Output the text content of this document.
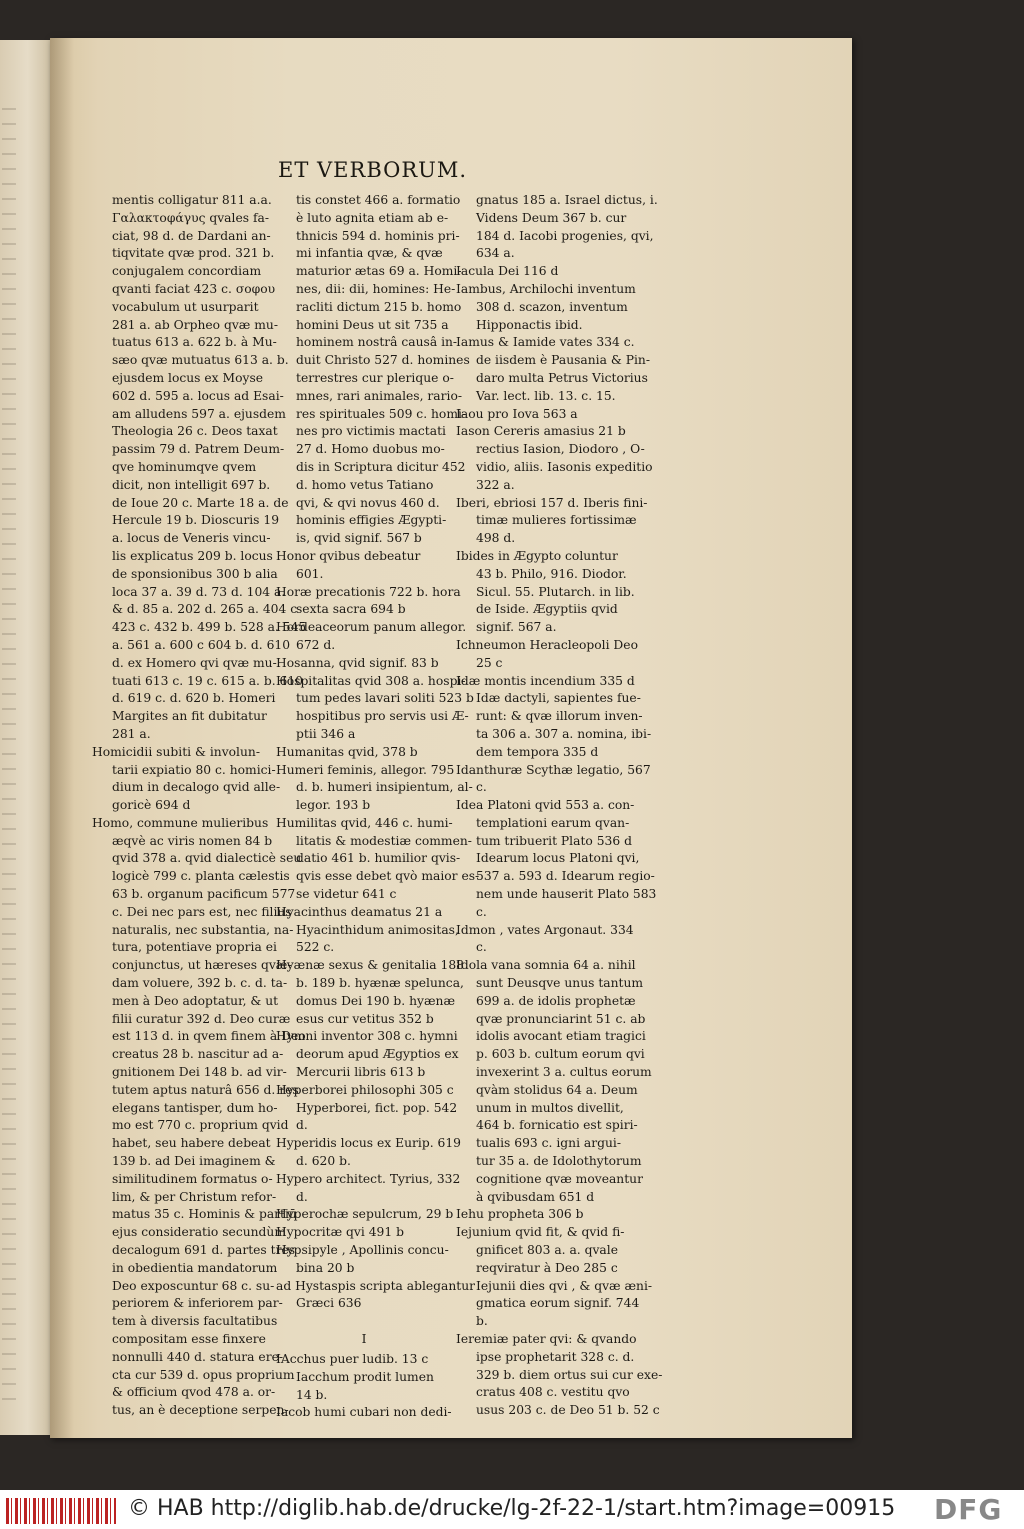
ET VERBORUM.
mentis colligatur 811 a.a.
Γαλακτοφάγυς qvales fa-
ciat, 98 d. de Dardani an-
tiqvitate qvæ prod. 321 b.
conjugalem concordiam
qvanti faciat 423 c. σοφου
vocabulum ut usurparit
281 a. ab Orpheo qvæ mu-
tuatus 613 a. 622 b. à Mu-
sæo qvæ mutuatus 613 a. b.
ejusdem locus ex Moyse
602 d. 595 a. locus ad Esai-
am alludens 597 a. ejusdem
Theologia 26 c. Deos taxat
passim 79 d. Patrem Deum-
qve hominumqve qvem
dicit, non intelligit 697 b.
de Ioue 20 c. Marte 18 a. de
Hercule 19 b. Dioscuris 19
a. locus de Veneris vincu-
lis explicatus 209 b. locus
de sponsionibus 300 b alia
loca 37 a. 39 d. 73 d. 104 a.
& d. 85 a. 202 d. 265 a. 404 c
423 c. 432 b. 499 b. 528 a. 545
a. 561 a. 600 c 604 b. d. 610
d. ex Homero qvi qvæ mu-
tuati 613 c. 19 c. 615 a. b. 610
d. 619 c. d. 620 b. Homeri
Margites an fit dubitatur
281 a.
Homicidii subiti & involun-
tarii expiatio 80 c. homici-
dium in decalogo qvid alle-
goricè 694 d
Homo, commune mulieribus
æqvè ac viris nomen 84 b
qvid 378 a. qvid dialecticè seu
logicè 799 c. planta cælestis
63 b. organum pacificum 577
c. Dei nec pars est, nec filius
naturalis, nec substantia, na-
tura, potentiave propria ei
conjunctus, ut hæreses qvæ-
dam voluere, 392 b. c. d. ta-
men à Deo adoptatur, & ut
filii curatur 392 d. Deo curæ
est 113 d. in qvem finem à Deo
creatus 28 b. nascitur ad a-
gnitionem Dei 148 b. ad vir-
tutem aptus naturâ 656 d. res
elegans tantisper, dum ho-
mo est 770 c. proprium qvid
habet, seu habere debeat
139 b. ad Dei imaginem &
similitudinem formatus o-
lim, & per Christum refor-
matus 35 c. Hominis & partiū
ejus consideratio secundùm
decalogum 691 d. partes tres
in obedientia mandatorum
Deo exposcuntur 68 c. su-
periorem & inferiorem par-
tem à diversis facultatibus
compositam esse finxere
nonnulli 440 d. statura ere-
cta cur 539 d. opus proprium
& officium qvod 478 a. or-
tus, an è deceptione serpen-
tis constet 466 a. formatio
è luto agnita etiam ab e-
thnicis 594 d. hominis pri-
mi infantia qvæ, & qvæ
maturior ætas 69 a. Homi-
nes, dii: dii, homines: He-
racliti dictum 215 b. homo
homini Deus ut sit 735 a
hominem nostrâ causâ in-
duit Christo 527 d. homines
terrestres cur plerique o-
mnes, rari animales, rario-
res spirituales 509 c. homi-
nes pro victimis mactati
27 d. Homo duobus mo-
dis in Scriptura dicitur 452
d. homo vetus Tatiano
qvi, & qvi novus 460 d.
hominis effigies Ægypti-
is, qvid signif. 567 b
Honor qvibus debeatur
601.
Horæ precationis 722 b. hora
sexta sacra 694 b
Hordeaceorum panum allegor.
672 d.
Hosanna, qvid signif. 83 b
Hospitalitas qvid 308 a. hospi-
tum pedes lavari soliti 523 b
hospitibus pro servis usi Æ-
ptii 346 a
Humanitas qvid, 378 b
Humeri feminis, allegor. 795
d. b. humeri insipientum, al-
legor. 193 b
Humilitas qvid, 446 c. humi-
litatis & modestiæ commen-
datio 461 b. humilior qvis-
qvis esse debet qvò maior es-
se videtur 641 c
Hyacinthus deamatus 21 a
Hyacinthidum animositas,
522 c.
Hyænæ sexus & genitalia 188
b. 189 b. hyænæ spelunca,
domus Dei 190 b. hyænæ
esus cur vetitus 352 b
Hymni inventor 308 c. hymni
deorum apud Ægyptios ex
Mercurii libris 613 b
Hyperborei philosophi 305 c
Hyperborei, fict. pop. 542
d.
Hyperidis locus ex Eurip. 619
d. 620 b.
Hypero architect. Tyrius, 332
d.
Hyperochæ sepulcrum, 29 b
Hypocritæ qvi 491 b
Hypsipyle , Apollinis concu-
bina 20 b
ad Hystaspis scripta ablegantur
Græci 636
I
IAcchus puer ludib. 13 c
Iacchum prodit lumen
14 b.
Iacob humi cubari non dedi-
gnatus 185 a. Israel dictus, i.
Videns Deum 367 b. cur
184 d. Iacobi progenies, qvi,
634 a.
Iacula Dei 116 d
Iambus, Archilochi inventum
308 d. scazon, inventum
Hipponactis ibid.
Iamus & Iamide vates 334 c.
de iisdem è Pausania & Pin-
daro multa Petrus Victorius
Var. lect. lib. 13. c. 15.
Iaou pro Iova 563 a
Iason Cereris amasius 21 b
rectius Iasion, Diodoro , O-
vidio, aliis. Iasonis expeditio
322 a.
Iberi, ebriosi 157 d. Iberis fini-
timæ mulieres fortissimæ
498 d.
Ibides in Ægypto coluntur
43 b. Philo, 916. Diodor.
Sicul. 55. Plutarch. in lib.
de Iside. Ægyptiis qvid
signif. 567 a.
Ichneumon Heracleopoli Deo
25 c
Idæ montis incendium 335 d
Idæ dactyli, sapientes fue-
runt: & qvæ illorum inven-
ta 306 a. 307 a. nomina, ibi-
dem tempora 335 d
Idanthuræ Scythæ legatio, 567
c.
Idea Platoni qvid 553 a. con-
templationi earum qvan-
tum tribuerit Plato 536 d
Idearum locus Platoni qvi,
537 a. 593 d. Idearum regio-
nem unde hauserit Plato 583
c.
Idmon , vates Argonaut. 334
c.
Idola vana somnia 64 a. nihil
sunt Deusqve unus tantum
699 a. de idolis prophetæ
qvæ pronunciarint 51 c. ab
idolis avocant etiam tragici
p. 603 b. cultum eorum qvi
invexerint 3 a. cultus eorum
qvàm stolidus 64 a. Deum
unum in multos divellit,
464 b. fornicatio est spiri-
tualis 693 c. igni argui-
tur 35 a. de Idolothytorum
cognitione qvæ moveantur
à qvibusdam 651 d
Iehu propheta 306 b
Iejunium qvid fit, & qvid fi-
gnificet 803 a. a. qvale
reqviratur à Deo 285 c
Iejunii dies qvi , & qvæ æni-
gmatica eorum signif. 744
b.
Ieremiæ pater qvi: & qvando
ipse prophetarit 328 c. d.
329 b. diem ortus sui cur exe-
cratus 408 c. vestitu qvo
usus 203 c. de Deo 51 b. 52 c
© HAB http://diglib.hab.de/drucke/lg-2f-22-1/start.htm?image=00915 DFG
